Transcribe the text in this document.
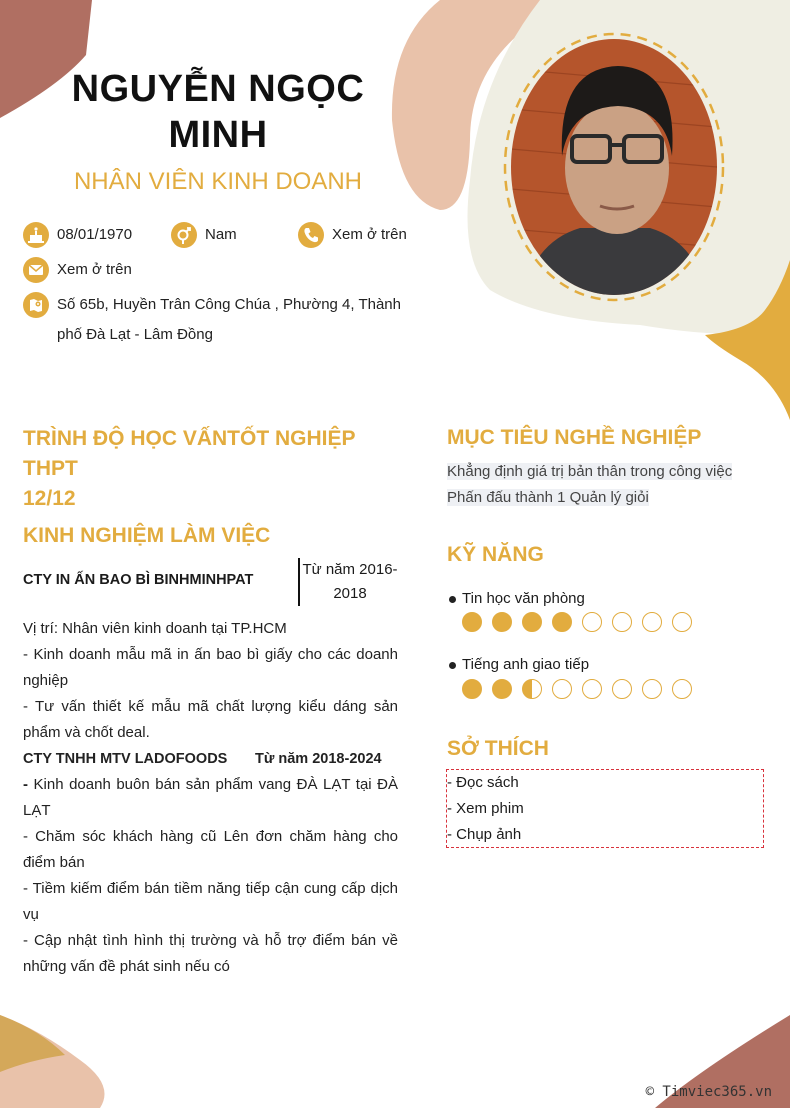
NGUYỄN NGỌC
MINH
NHÂN VIÊN KINH DOANH
08/01/1970	Nam	Xem ở trên
Xem ở trên
Số 65b, Huyền Trân Công Chúa , Phường 4, Thành
phố Đà Lạt - Lâm Đồng
TRÌNH ĐỘ HỌC VẤNTỐT NGHIỆP THPT
12/12
KINH NGHIỆM LÀM VIỆC
CTY IN ẤN BAO BÌ BINHMINHPAT
Từ năm 2016-
2018
Vị trí: Nhân viên kinh doanh tại TP.HCM
- Kinh doanh mẫu mã in ấn bao bì giấy cho các doanh
nghiệp
- Tư vấn thiết kế mẫu mã chất lượng kiểu dáng sản
phẩm và chốt deal.
CTY TNHH MTV LADOFOODS Từ năm 2018-2024
- Kinh doanh buôn bán sản phẩm vang ĐÀ LẠT tại ĐÀ
LẠT
- Chăm sóc khách hàng cũ Lên đơn chăm hàng cho
điểm bán
- Tiềm kiếm điểm bán tiềm năng tiếp cận cung cấp dịch
vụ
- Cập nhật tình hình thị trường và hỗ trợ điểm bán về
những vấn đề phát sinh nếu có
MỤC TIÊU NGHỀ NGHIỆP
Khẳng định giá trị bản thân trong công việc
Phấn đấu thành 1 Quản lý giỏi
KỸ NĂNG
Tin học văn phòng
Tiếng anh giao tiếp
SỞ THÍCH
- Đọc sách
- Xem phim
- Chụp ảnh
© Timviec365.vn
